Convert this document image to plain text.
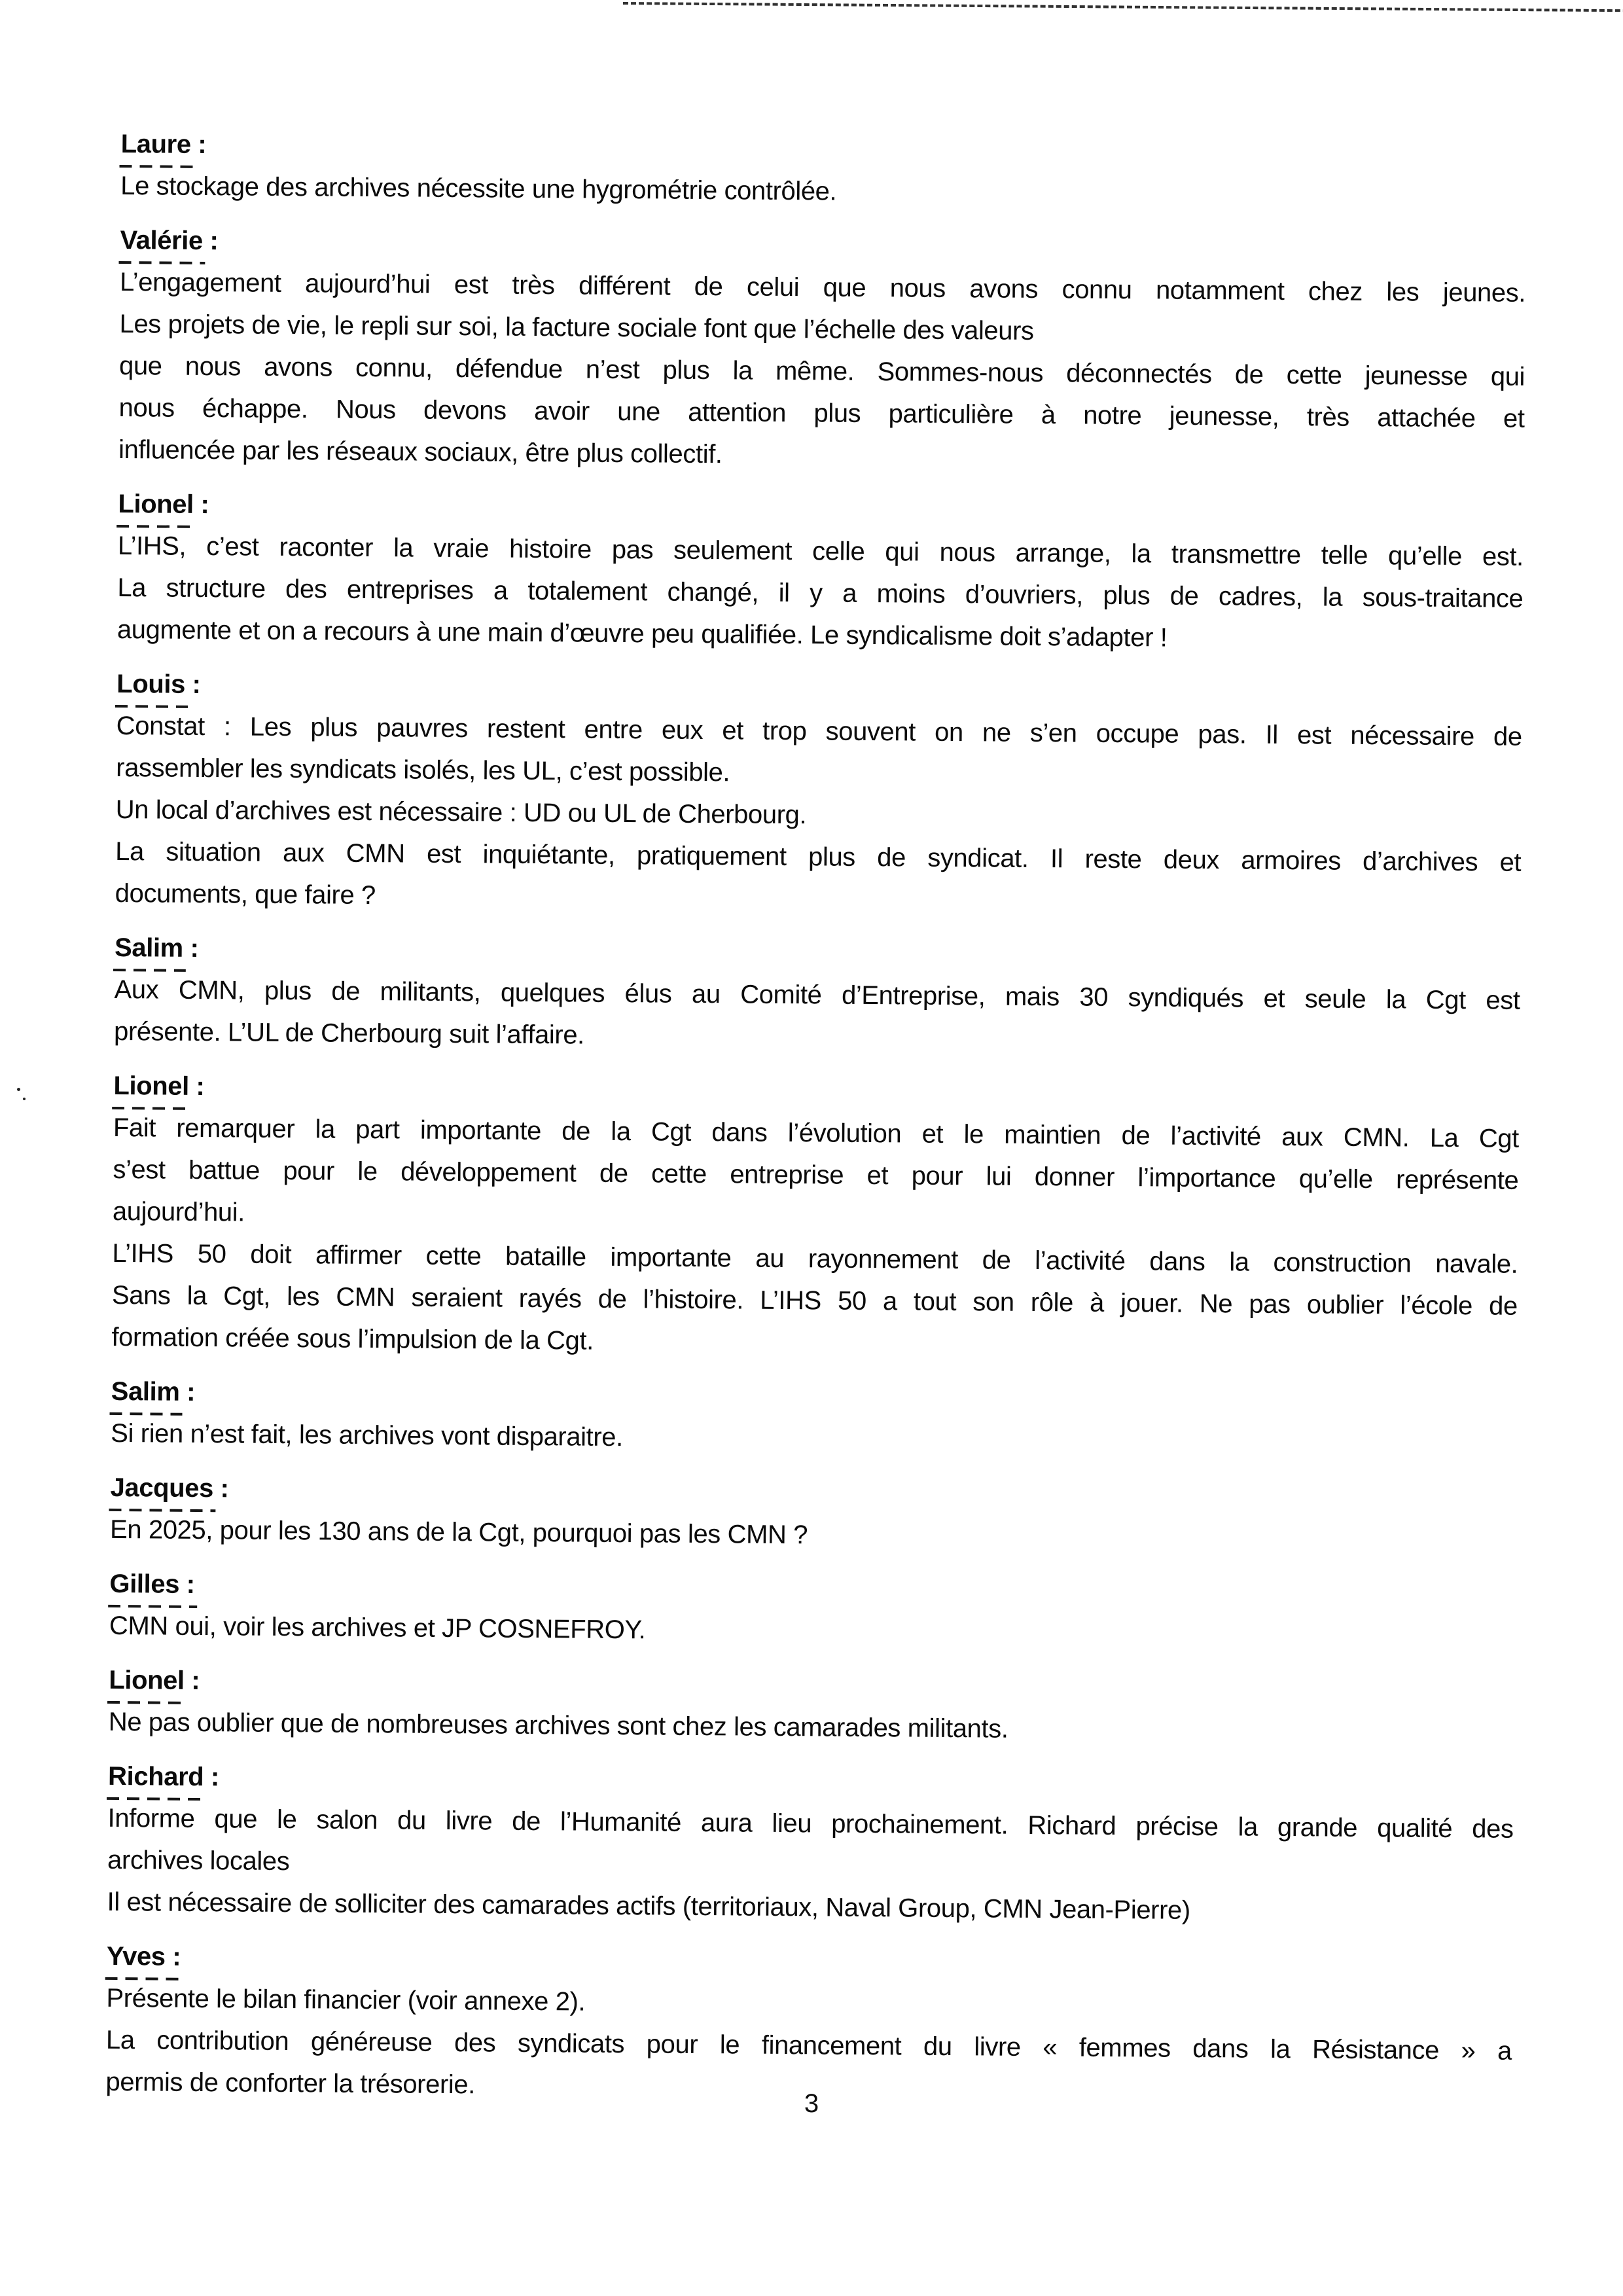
Laure :
Le stockage des archives nécessite une hygrométrie contrôlée.
Valérie :
L’engagement aujourd’hui est très différent de celui que nous avons connu notamment chez les jeunes.
Les projets de vie, le repli sur soi, la facture sociale font que l’échelle des valeurs
que nous avons connu, défendue n’est plus la même. Sommes-nous déconnectés de cette jeunesse qui
nous échappe. Nous devons avoir une attention plus particulière à notre jeunesse, très attachée et
influencée par les réseaux sociaux, être plus collectif.
Lionel :
L’IHS, c’est raconter la vraie histoire pas seulement celle qui nous arrange, la transmettre telle qu’elle est.
La structure des entreprises a totalement changé, il y a moins d’ouvriers, plus de cadres, la sous-traitance
augmente et on a recours à une main d’œuvre peu qualifiée. Le syndicalisme doit s’adapter !
Louis :
Constat : Les plus pauvres restent entre eux et trop souvent on ne s’en occupe pas. Il est nécessaire de
rassembler les syndicats isolés, les UL, c’est possible.
Un local d’archives est nécessaire : UD ou UL de Cherbourg.
La situation aux CMN est inquiétante, pratiquement plus de syndicat. Il reste deux armoires d’archives et
documents, que faire ?
Salim :
Aux CMN, plus de militants, quelques élus au Comité d’Entreprise, mais 30 syndiqués et seule la Cgt est
présente. L’UL de Cherbourg suit l’affaire.
Lionel :
Fait remarquer la part importante de la Cgt dans l’évolution et le maintien de l’activité aux CMN. La Cgt
s’est battue pour le développement de cette entreprise et pour lui donner l’importance qu’elle représente
aujourd’hui.
L’IHS 50 doit affirmer cette bataille importante au rayonnement de l’activité dans la construction navale.
Sans la Cgt, les CMN seraient rayés de l’histoire. L’IHS 50 a tout son rôle à jouer. Ne pas oublier l’école de
formation créée sous l’impulsion de la Cgt.
Salim :
Si rien n’est fait, les archives vont disparaitre.
Jacques :
En 2025, pour les 130 ans de la Cgt, pourquoi pas les CMN ?
Gilles :
CMN oui, voir les archives et JP COSNEFROY.
Lionel :
Ne pas oublier que de nombreuses archives sont chez les camarades militants.
Richard :
Informe que le salon du livre de l’Humanité aura lieu prochainement. Richard précise la grande qualité des
archives locales
Il est nécessaire de solliciter des camarades actifs (territoriaux, Naval Group, CMN Jean-Pierre)
Yves :
Présente le bilan financier (voir annexe 2).
La contribution généreuse des syndicats pour le financement du livre « femmes dans la Résistance » a
permis de conforter la trésorerie.
3
